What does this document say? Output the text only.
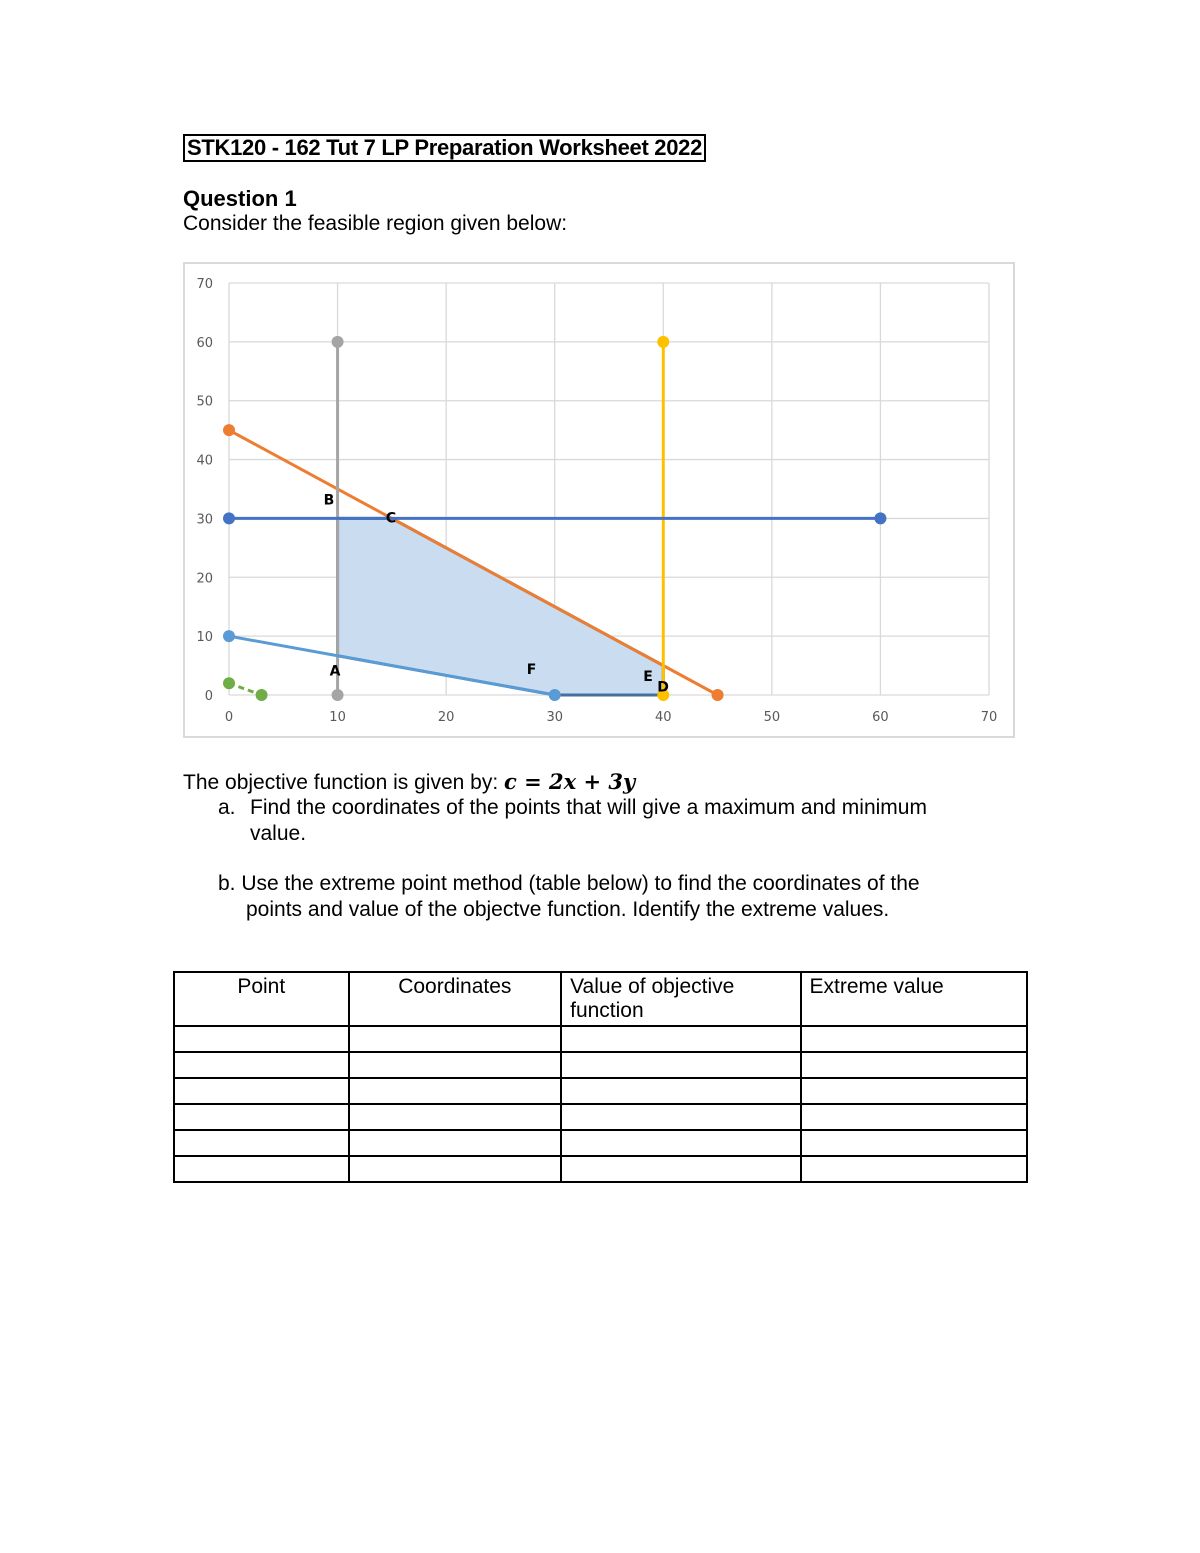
STK120 - 162 Tut 7 LP Preparation Worksheet 2022
Question 1
Consider the feasible region given below:
0	10	20	30	40	50	60	70
0
10
20
30
40
50
60
70
A
B
C
D
E
F
The objective function is given by: c = 2x + 3y
a. Find the coordinates of the points that will give a maximum and minimum value.
b. Use the extreme point method (table below) to find the coordinates of the points and value of the objectve function. Identify the extreme values.
Point	Coordinates	Value of objective function	Extreme value
